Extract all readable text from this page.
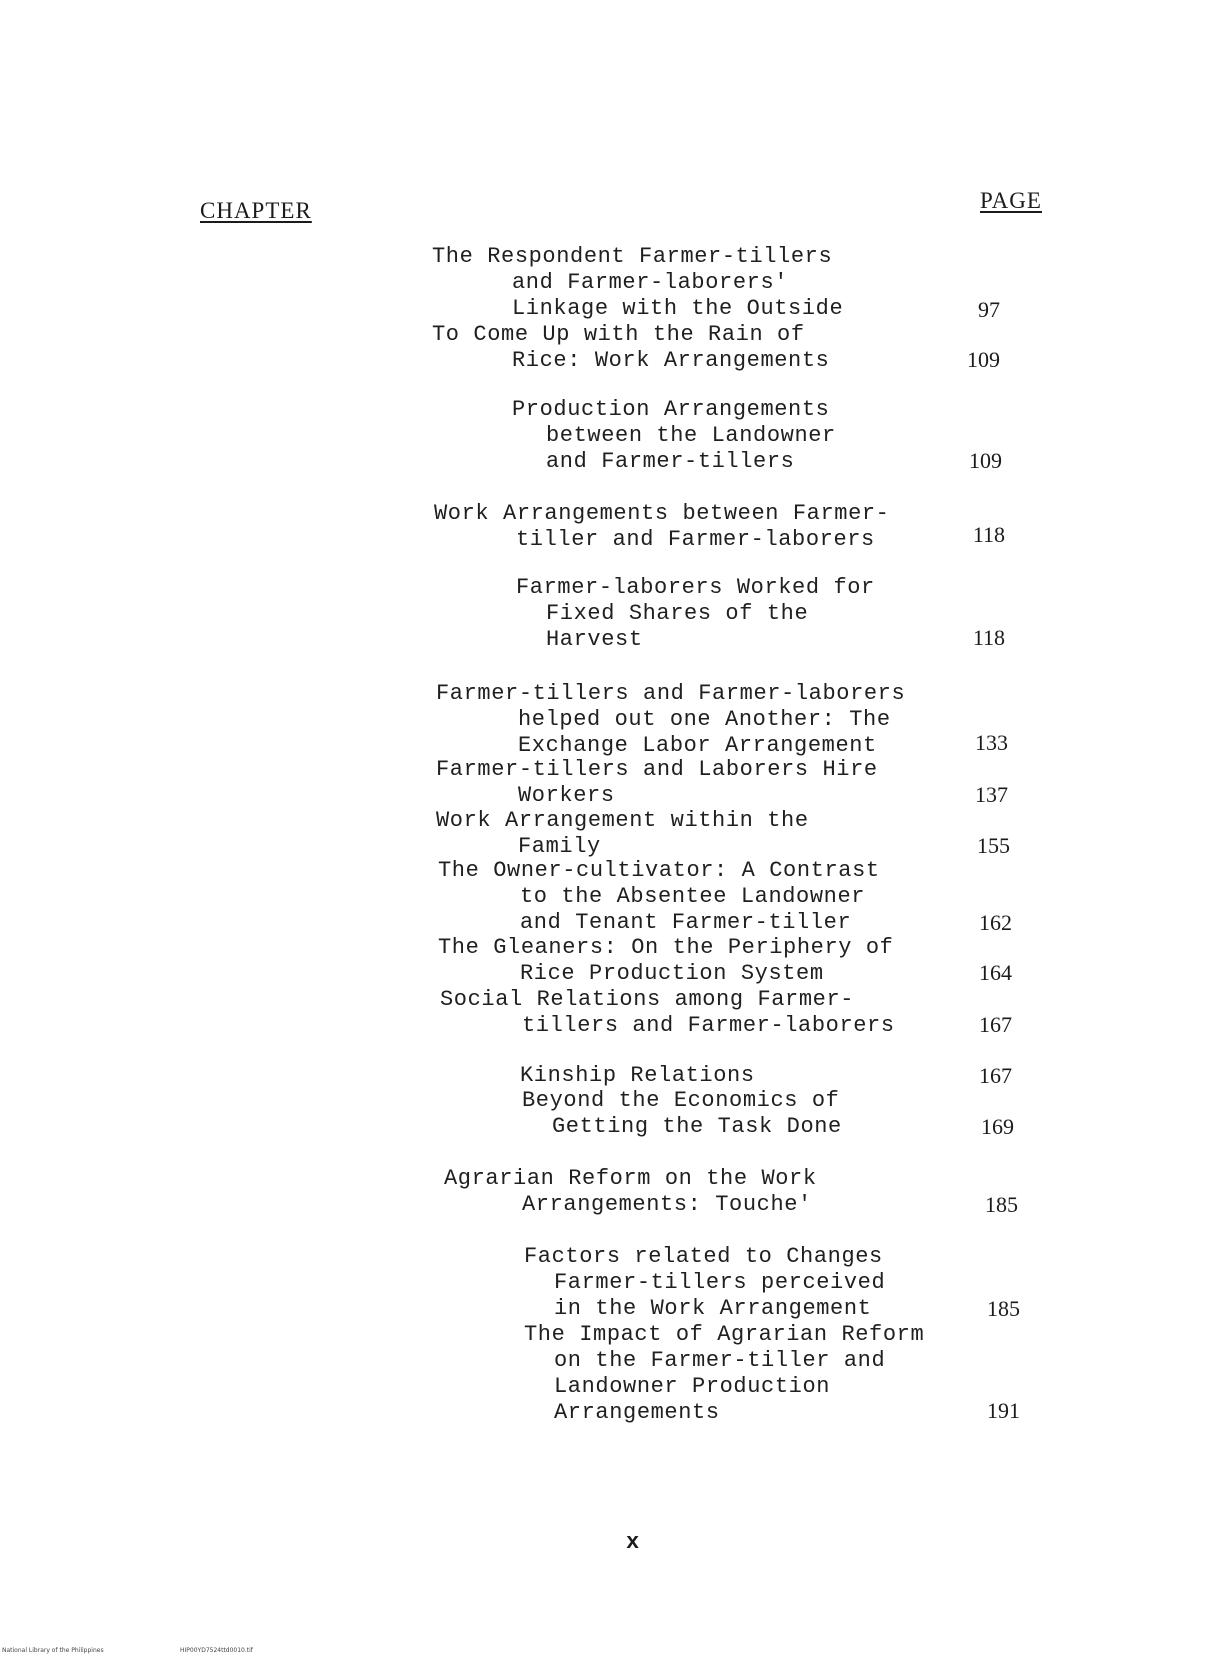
CHAPTER	PAGE
The Respondent Farmer-tillers
and Farmer-laborers'
Linkage with the Outside	97
To Come Up with the Rain of
Rice: Work Arrangements	109
Production Arrangements
between the Landowner
and Farmer-tillers	109
Work Arrangements between Farmer-
tiller and Farmer-laborers	118
Farmer-laborers Worked for
Fixed Shares of the
Harvest	118
Farmer-tillers and Farmer-laborers
helped out one Another: The
Exchange Labor Arrangement	133
Farmer-tillers and Laborers Hire
Workers	137
Work Arrangement within the
Family	155
The Owner-cultivator: A Contrast
to the Absentee Landowner
and Tenant Farmer-tiller	162
The Gleaners: On the Periphery of
Rice Production System	164
Social Relations among Farmer-
tillers and Farmer-laborers	167
Kinship Relations	167
Beyond the Economics of
Getting the Task Done	169
Agrarian Reform on the Work
Arrangements: Touche'	185
Factors related to Changes
Farmer-tillers perceived
in the Work Arrangement	185
The Impact of Agrarian Reform
on the Farmer-tiller and
Landowner Production
Arrangements	191
x
National Library of the Philippines	HIP00YD7524ttd0010.tif
